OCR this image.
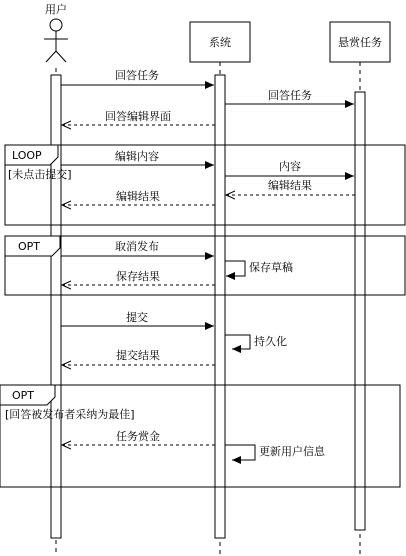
用户
系统	悬赏任务
LOOP
[未点击提交]
OPT
OPT
[回答被发布者采纳为最佳]
回答任务
回答任务
回答编辑界面
编辑内容
内容
编辑结果
编辑结果
取消发布
保存草稿
保存结果
提交
持久化
提交结果
任务赏金
更新用户信息
